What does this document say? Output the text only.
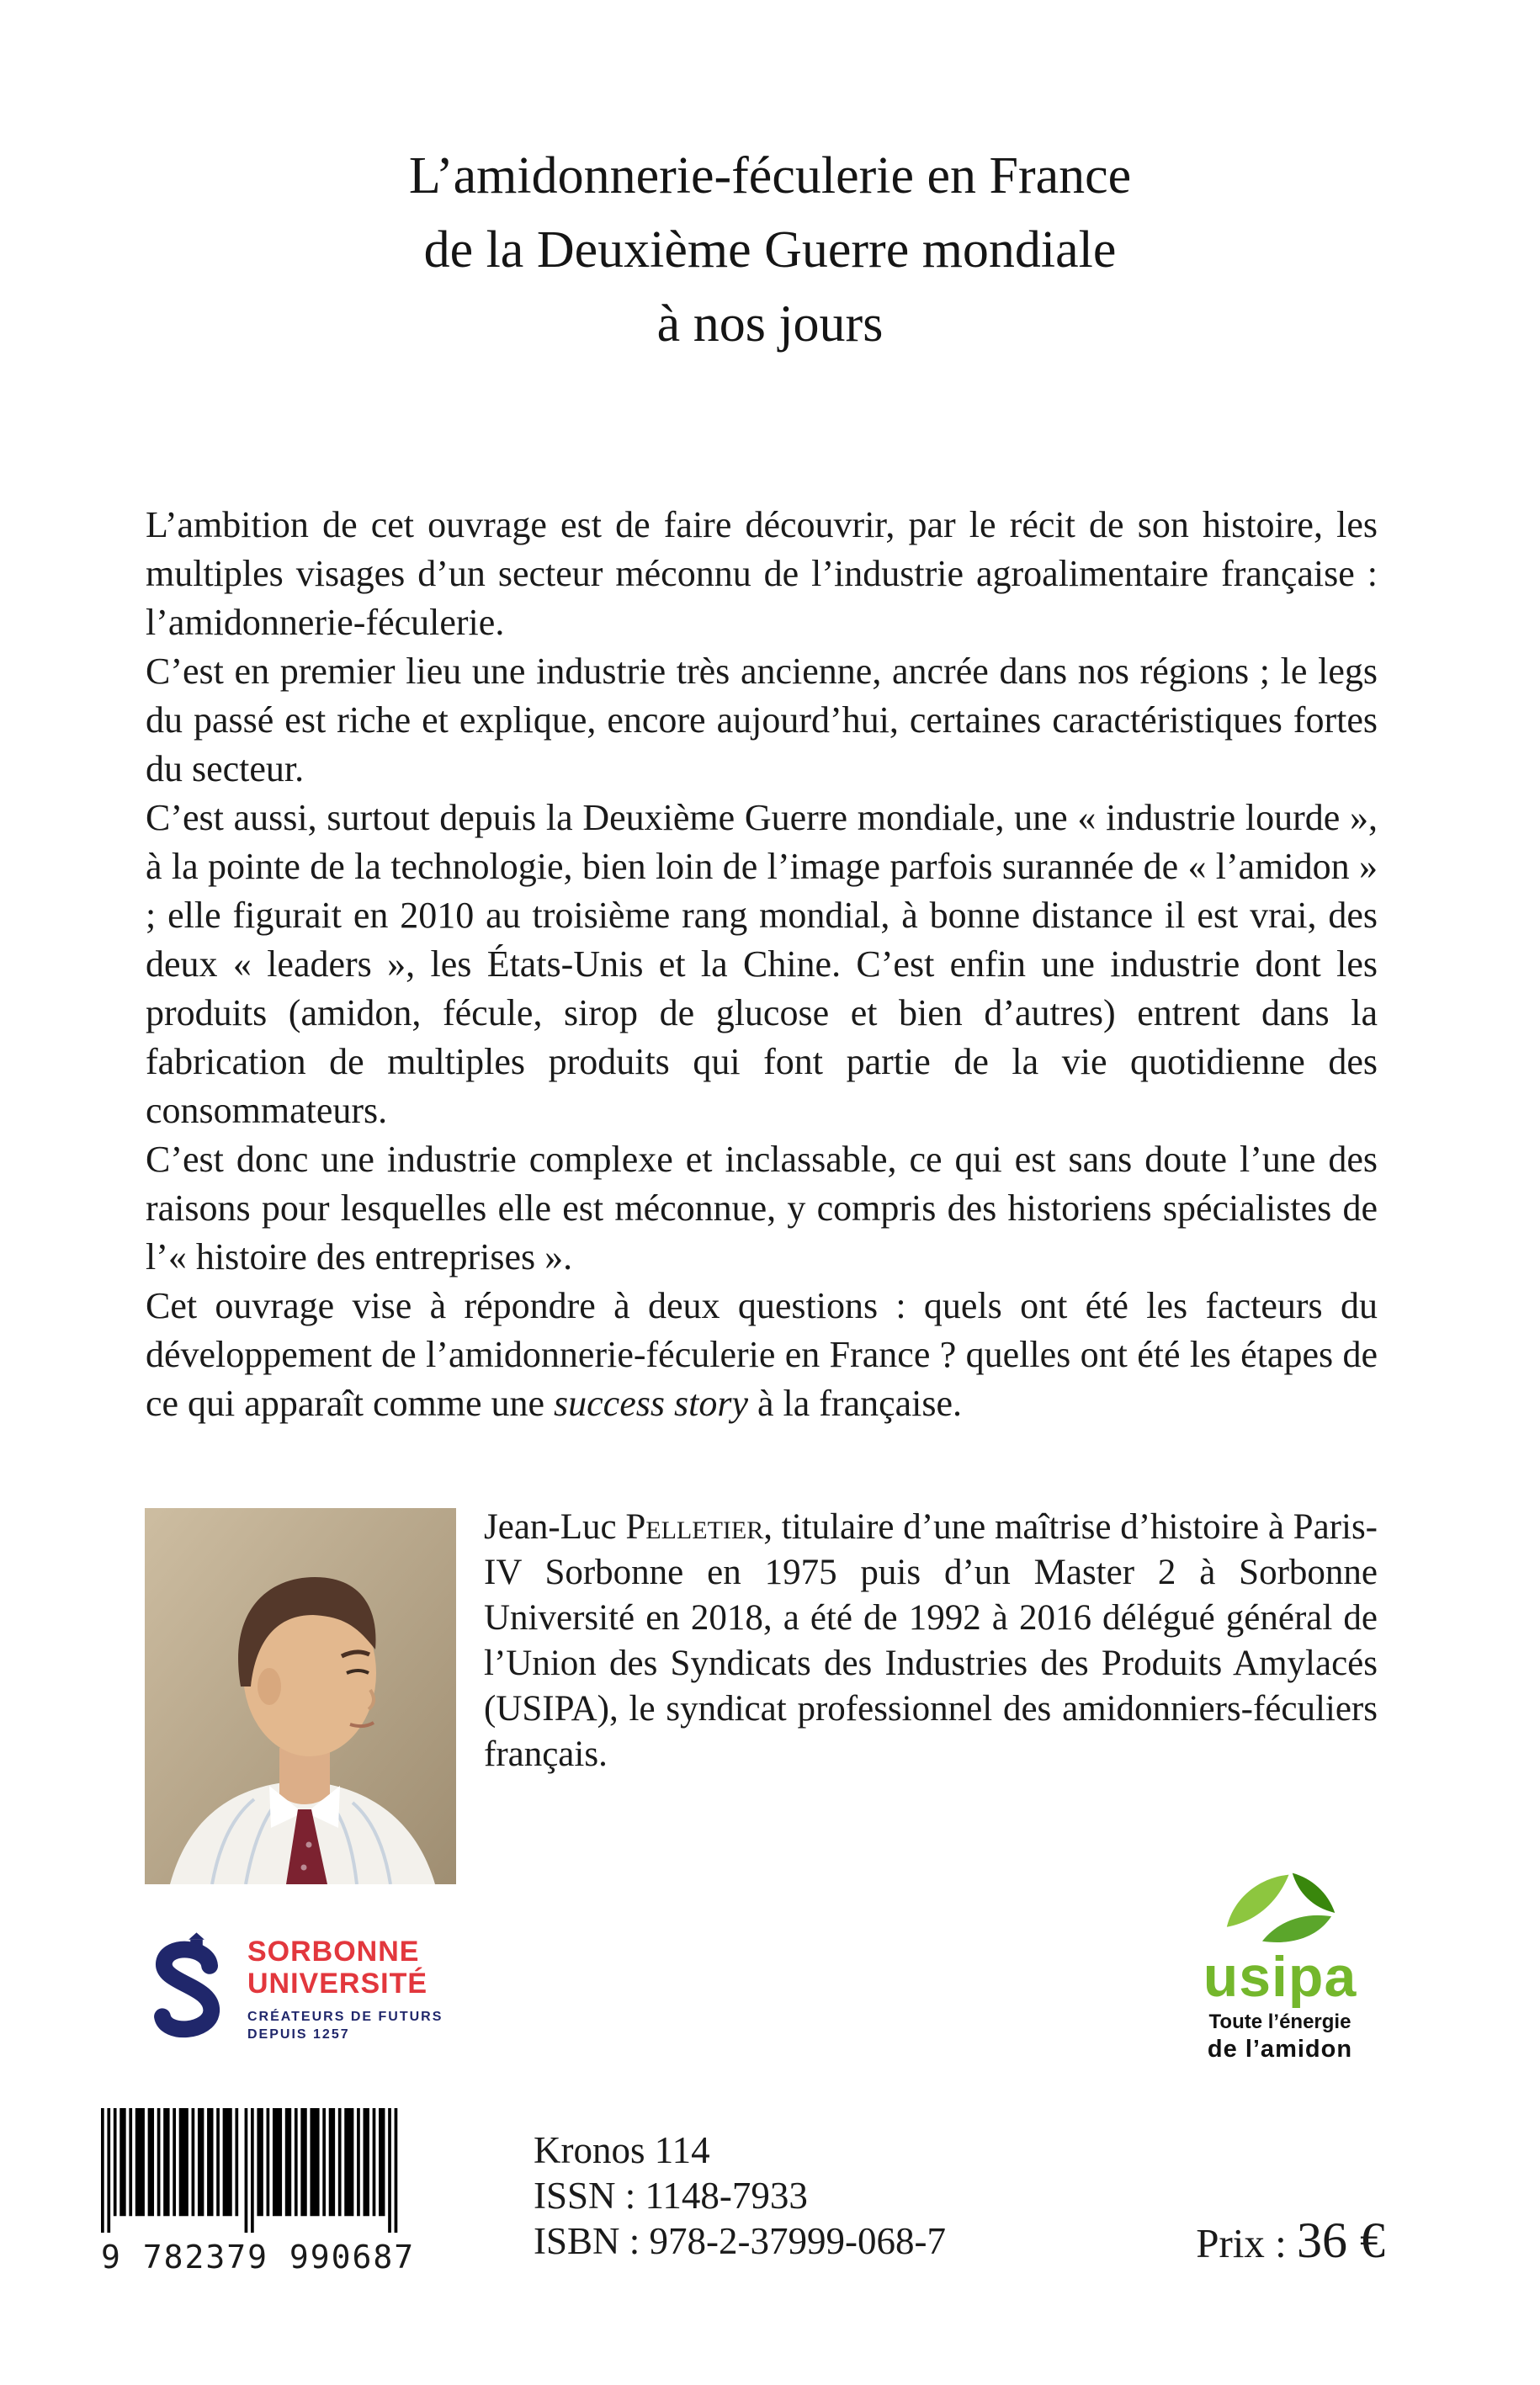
L’amidonnerie-féculerie en France
de la Deuxième Guerre mondiale
à nos jours

L’ambition de cet ouvrage est de faire découvrir, par le récit de son histoire, les multiples visages d’un secteur méconnu de l’industrie agroalimentaire française : l’amidonnerie-féculerie.

C’est en premier lieu une industrie très ancienne, ancrée dans nos régions ; le legs du passé est riche et explique, encore aujourd’hui, certaines caractéristiques fortes du secteur.

C’est aussi, surtout depuis la Deuxième Guerre mondiale, une « industrie lourde », à la pointe de la technologie, bien loin de l’image parfois surannée de « l’amidon » ; elle figurait en 2010 au troisième rang mondial, à bonne distance il est vrai, des deux « leaders », les États-Unis et la Chine. C’est enfin une industrie dont les produits (amidon, fécule, sirop de glucose et bien d’autres) entrent dans la fabrication de multiples produits qui font partie de la vie quotidienne des consommateurs.

C’est donc une industrie complexe et inclassable, ce qui est sans doute l’une des raisons pour lesquelles elle est méconnue, y compris des historiens spécialistes de l’« histoire des entreprises ».

Cet ouvrage vise à répondre à deux questions : quels ont été les facteurs du développement de l’amidonnerie-féculerie en France ? quelles ont été les étapes de ce qui apparaît comme une success story à la française.

Jean-Luc Pelletier, titulaire d’une maîtrise d’histoire à Paris-IV Sorbonne en 1975 puis d’un Master 2 à Sorbonne Université en 2018, a été de 1992 à 2016 délégué général de l’Union des Syndicats des Industries des Produits Amylacés (USIPA), le syndicat professionnel des amidonniers-féculiers français.

SORBONNE
UNIVERSITÉ
CRÉATEURS DE FUTURS
DEPUIS 1257
usipa
Toute l’énergie
de l’amidon
9 782379 990687
Kronos 114
ISSN : 1148-7933
ISBN : 978-2-37999-068-7	Prix : 36 €
